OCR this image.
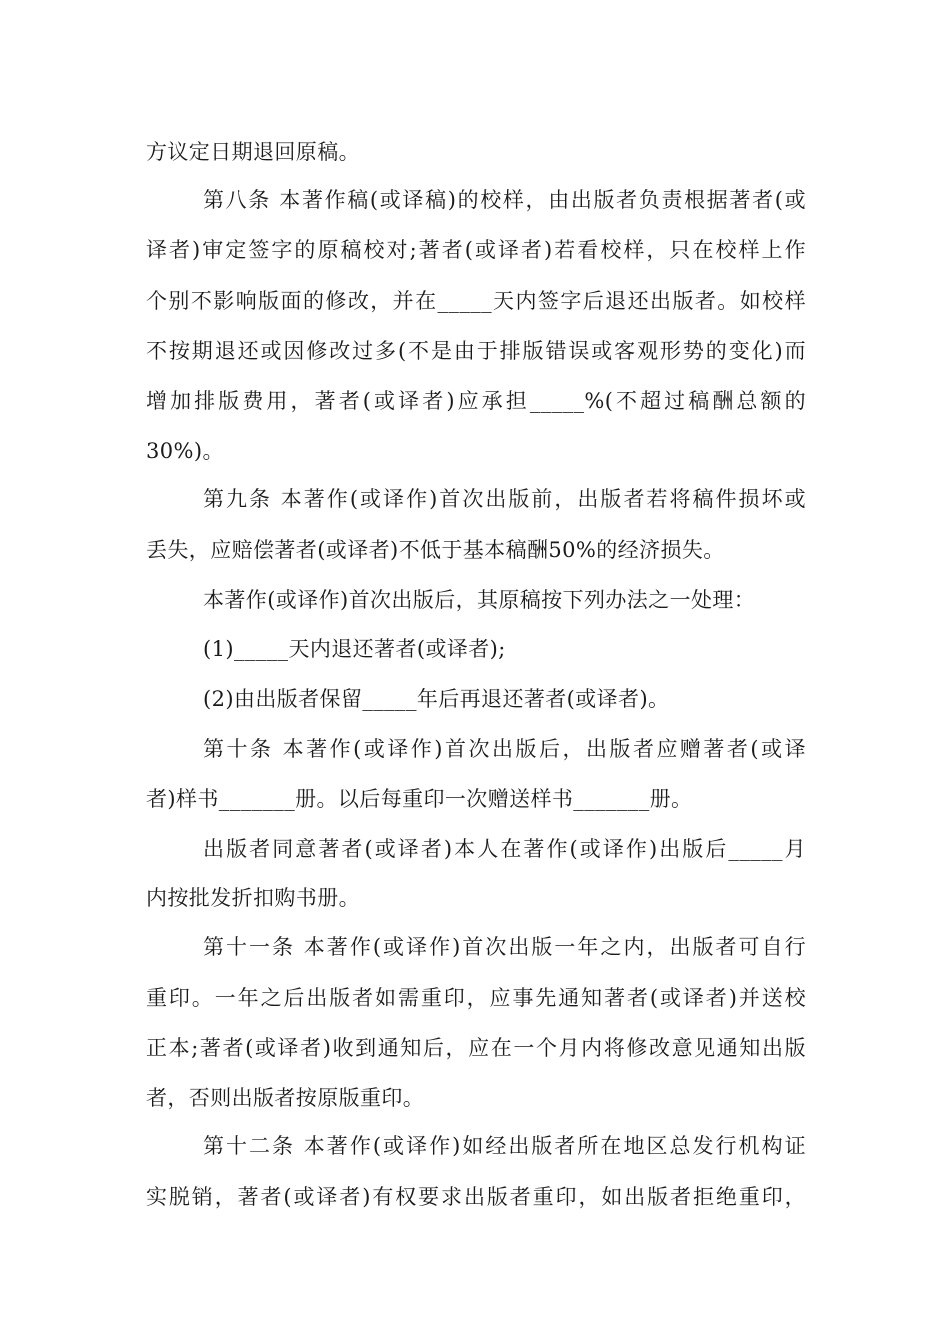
方议定日期退回原稿。
第八条 本著作稿(或译稿)的校样，由出版者负责根据著者(或
译者)审定签字的原稿校对;著者(或译者)若看校样，只在校样上作
个别不影响版面的修改，并在_____天内签字后退还出版者。如校样
不按期退还或因修改过多(不是由于排版错误或客观形势的变化)而
增加排版费用，著者(或译者)应承担_____%(不超过稿酬总额的
30%)。
第九条 本著作(或译作)首次出版前，出版者若将稿件损坏或
丢失，应赔偿著者(或译者)不低于基本稿酬50%的经济损失。
本著作(或译作)首次出版后，其原稿按下列办法之一处理：
(1)_____天内退还著者(或译者);
(2)由出版者保留_____年后再退还著者(或译者)。
第十条 本著作(或译作)首次出版后，出版者应赠著者(或译
者)样书_______册。以后每重印一次赠送样书_______册。
出版者同意著者(或译者)本人在著作(或译作)出版后_____月
内按批发折扣购书册。
第十一条 本著作(或译作)首次出版一年之内，出版者可自行
重印。一年之后出版者如需重印，应事先通知著者(或译者)并送校
正本;著者(或译者)收到通知后，应在一个月内将修改意见通知出版
者，否则出版者按原版重印。
第十二条 本著作(或译作)如经出版者所在地区总发行机构证
实脱销，著者(或译者)有权要求出版者重印，如出版者拒绝重印，
